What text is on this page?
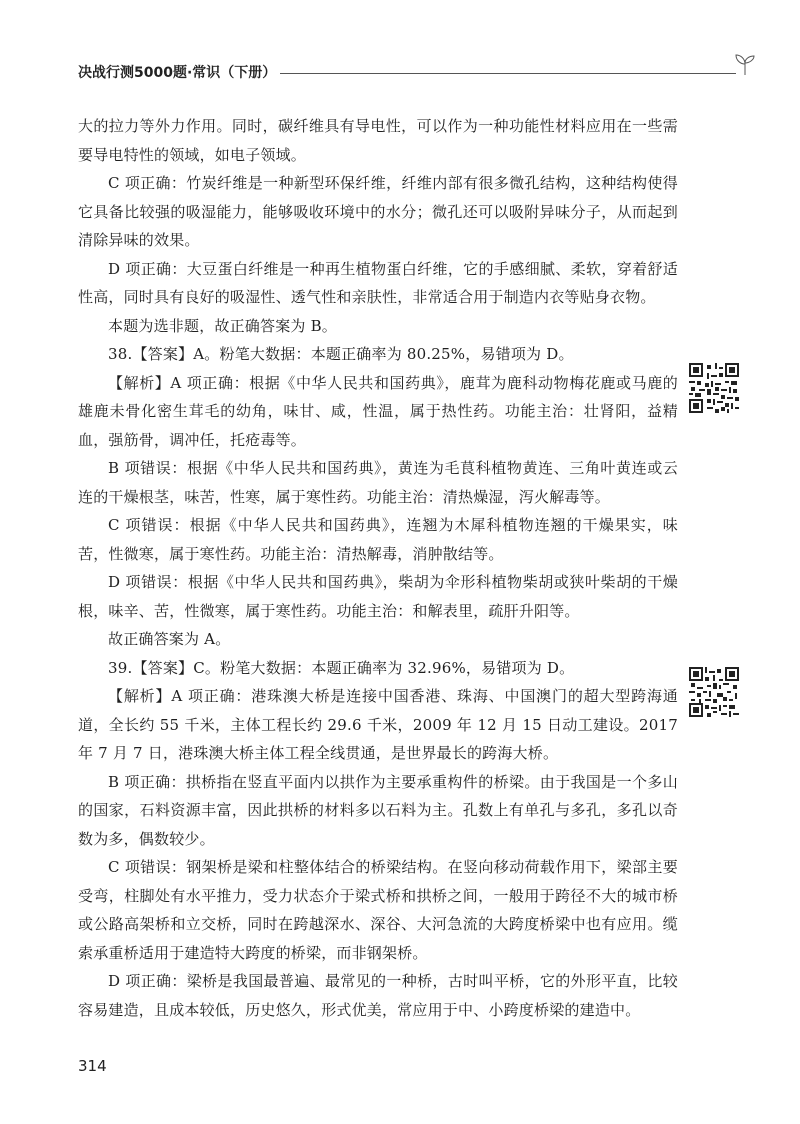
决战行测5000题·常识（下册）

大的拉力等外力作用。同时，碳纤维具有导电性，可以作为一种功能性材料应用在一些需要导电特性的领域，如电子领域。

C 项正确：竹炭纤维是一种新型环保纤维，纤维内部有很多微孔结构，这种结构使得它具备比较强的吸湿能力，能够吸收环境中的水分；微孔还可以吸附异味分子，从而起到清除异味的效果。

D 项正确：大豆蛋白纤维是一种再生植物蛋白纤维，它的手感细腻、柔软，穿着舒适性高，同时具有良好的吸湿性、透气性和亲肤性，非常适合用于制造内衣等贴身衣物。

本题为选非题，故正确答案为 B。

38.【答案】A。粉笔大数据：本题正确率为 80.25%，易错项为 D。

【解析】A 项正确：根据《中华人民共和国药典》，鹿茸为鹿科动物梅花鹿或马鹿的雄鹿未骨化密生茸毛的幼角，味甘、咸，性温，属于热性药。功能主治：壮肾阳，益精血，强筋骨，调冲任，托疮毒等。

B 项错误：根据《中华人民共和国药典》，黄连为毛茛科植物黄连、三角叶黄连或云连的干燥根茎，味苦，性寒，属于寒性药。功能主治：清热燥湿，泻火解毒等。

C 项错误：根据《中华人民共和国药典》，连翘为木犀科植物连翘的干燥果实，味苦，性微寒，属于寒性药。功能主治：清热解毒，消肿散结等。

D 项错误：根据《中华人民共和国药典》，柴胡为伞形科植物柴胡或狭叶柴胡的干燥根，味辛、苦，性微寒，属于寒性药。功能主治：和解表里，疏肝升阳等。

故正确答案为 A。

39.【答案】C。粉笔大数据：本题正确率为 32.96%，易错项为 D。

【解析】A 项正确：港珠澳大桥是连接中国香港、珠海、中国澳门的超大型跨海通道，全长约 55 千米，主体工程长约 29.6 千米，2009 年 12 月 15 日动工建设。2017 年 7 月 7 日，港珠澳大桥主体工程全线贯通，是世界最长的跨海大桥。

B 项正确：拱桥指在竖直平面内以拱作为主要承重构件的桥梁。由于我国是一个多山的国家，石料资源丰富，因此拱桥的材料多以石料为主。孔数上有单孔与多孔，多孔以奇数为多，偶数较少。

C 项错误：钢架桥是梁和柱整体结合的桥梁结构。在竖向移动荷载作用下，梁部主要受弯，柱脚处有水平推力，受力状态介于梁式桥和拱桥之间，一般用于跨径不大的城市桥或公路高架桥和立交桥，同时在跨越深水、深谷、大河急流的大跨度桥梁中也有应用。缆索承重桥适用于建造特大跨度的桥梁，而非钢架桥。

D 项正确：梁桥是我国最普遍、最常见的一种桥，古时叫平桥，它的外形平直，比较容易建造，且成本较低，历史悠久，形式优美，常应用于中、小跨度桥梁的建造中。

314
